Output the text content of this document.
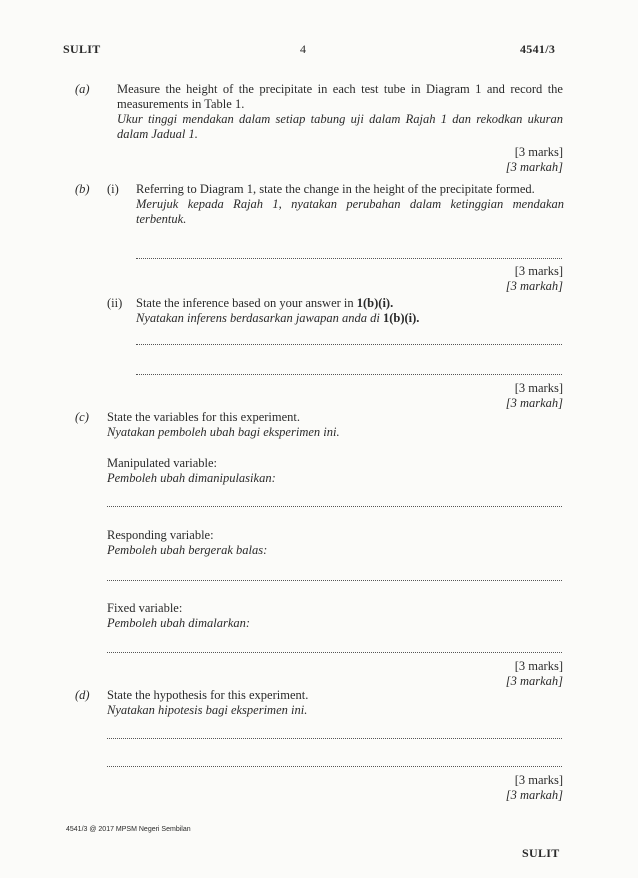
SULIT	4	4541/3
(a) Measure the height of the precipitate in each test tube in Diagram 1 and record the measurements in Table 1.
Ukur tinggi mendakan dalam setiap tabung uji dalam Rajah 1 dan rekodkan ukuran dalam Jadual 1.
[3 marks]
[3 markah]
(b) (i) Referring to Diagram 1, state the change in the height of the precipitate formed.
Merujuk kepada Rajah 1, nyatakan perubahan dalam ketinggian mendakan terbentuk.
[3 marks]
[3 markah]
(ii) State the inference based on your answer in 1(b)(i).
Nyatakan inferens berdasarkan jawapan anda di 1(b)(i).
[3 marks]
[3 markah]
(c) State the variables for this experiment.
Nyatakan pemboleh ubah bagi eksperimen ini.
Manipulated variable:
Pemboleh ubah dimanipulasikan:
Responding variable:
Pemboleh ubah bergerak balas:
Fixed variable:
Pemboleh ubah dimalarkan:
[3 marks]
[3 markah]
(d) State the hypothesis for this experiment.
Nyatakan hipotesis bagi eksperimen ini.
[3 marks]
[3 markah]
4541/3 @ 2017 MPSM Negeri Sembilan
SULIT
